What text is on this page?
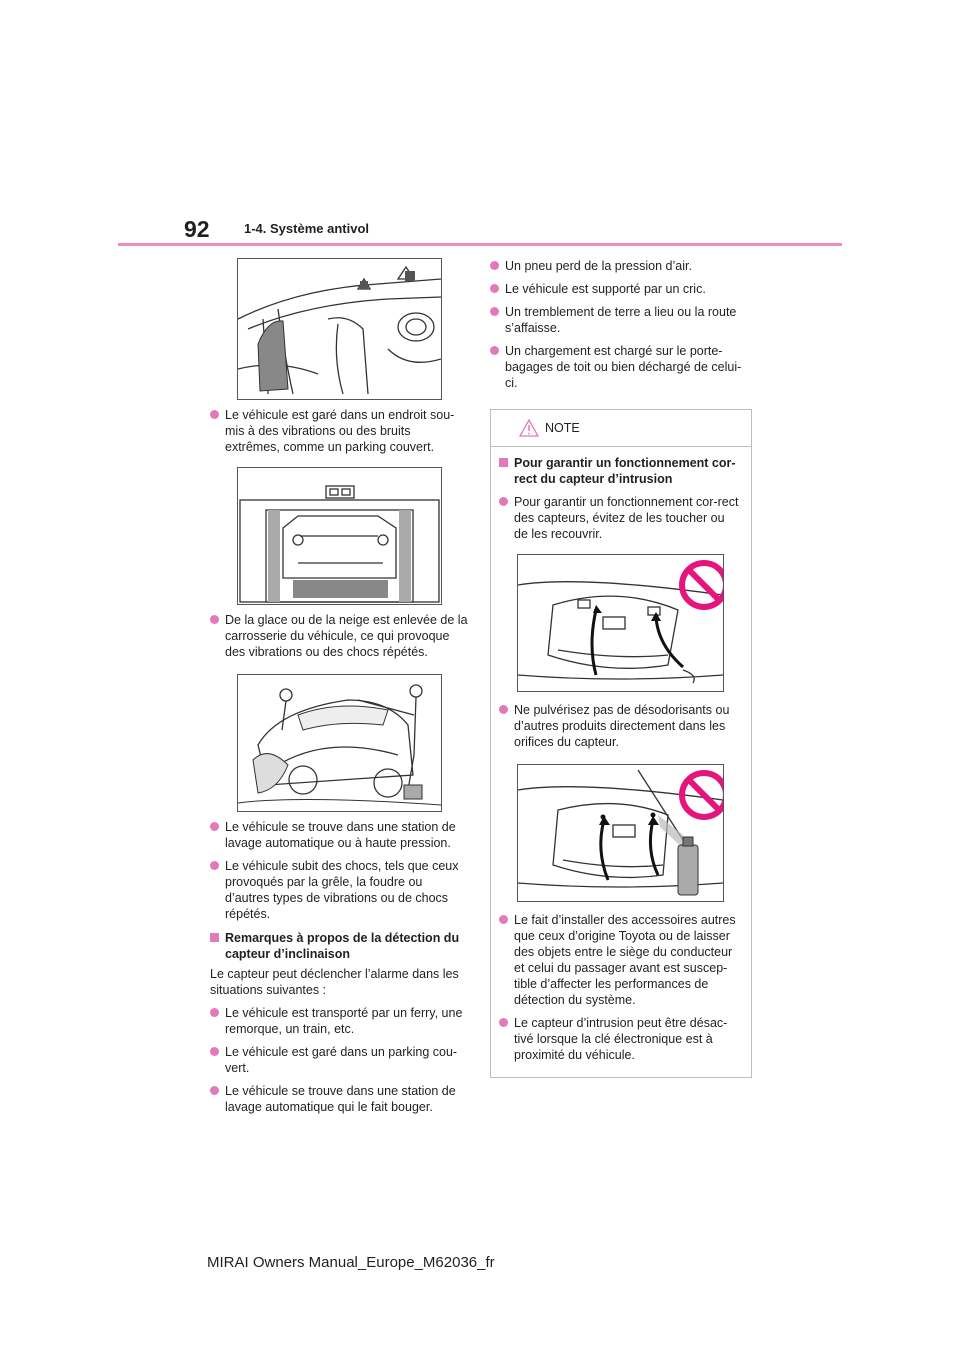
92	1-4. Système antivol
Le véhicule est garé dans un endroit sou-mis à des vibrations ou des bruits extrêmes, comme un parking couvert.
De la glace ou de la neige est enlevée de la carrosserie du véhicule, ce qui provoque des vibrations ou des chocs répétés.
Le véhicule se trouve dans une station de lavage automatique ou à haute pression.
Le véhicule subit des chocs, tels que ceux provoqués par la grêle, la foudre ou d’autres types de vibrations ou de chocs répétés.
Remarques à propos de la détection du capteur d’inclinaison
Le capteur peut déclencher l’alarme dans les situations suivantes :
Le véhicule est transporté par un ferry, une remorque, un train, etc.
Le véhicule est garé dans un parking cou-vert.
Le véhicule se trouve dans une station de lavage automatique qui le fait bouger.
Un pneu perd de la pression d’air.
Le véhicule est supporté par un cric.
Un tremblement de terre a lieu ou la route s’affaisse.
Un chargement est chargé sur le porte-bagages de toit ou bien déchargé de celui-ci.
NOTE
Pour garantir un fonctionnement cor-rect du capteur d’intrusion
Pour garantir un fonctionnement cor-rect des capteurs, évitez de les toucher ou de les recouvrir.
Ne pulvérisez pas de désodorisants ou d’autres produits directement dans les orifices du capteur.
Le fait d’installer des accessoires autres que ceux d’origine Toyota ou de laisser des objets entre le siège du conducteur et celui du passager avant est suscep-tible d’affecter les performances de détection du système.
Le capteur d’intrusion peut être désac-tivé lorsque la clé électronique est à proximité du véhicule.
MIRAI Owners Manual_Europe_M62036_fr
